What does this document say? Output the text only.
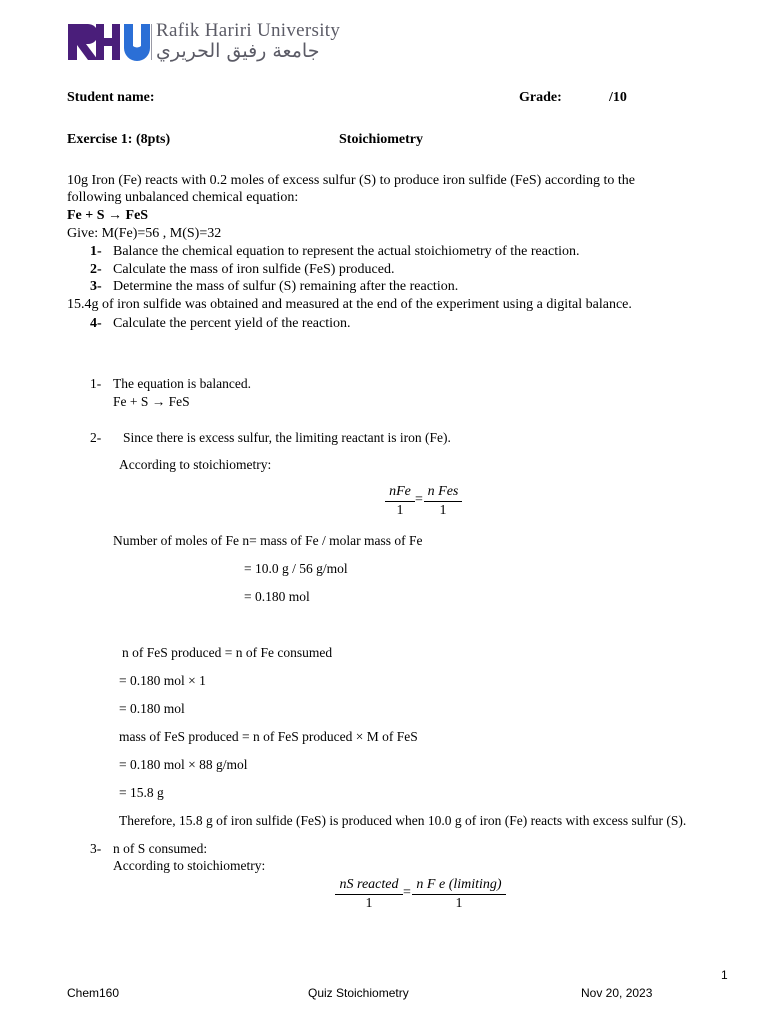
Rafik Hariri University
جامعة رفيق الحريري
Student name:	Grade:	/10
Exercise 1: (8pts)	Stoichiometry
10g Iron (Fe) reacts with 0.2 moles of excess sulfur (S) to produce iron sulfide (FeS) according to the
following unbalanced chemical equation:
Fe + S → FeS
Give: M(Fe)=56 , M(S)=32
1- Balance the chemical equation to represent the actual stoichiometry of the reaction.
2- Calculate the mass of iron sulfide (FeS) produced.
3- Determine the mass of sulfur (S) remaining after the reaction.
15.4g of iron sulfide was obtained and measured at the end of the experiment using a digital balance.
4- Calculate the percent yield of the reaction.
1- The equation is balanced.
Fe + S → FeS
2- Since there is excess sulfur, the limiting reactant is iron (Fe).
According to stoichiometry:
nFe
1
=
n Fes
1
Number of moles of Fe n= mass of Fe / molar mass of Fe
= 10.0 g / 56 g/mol
= 0.180 mol
n of FeS produced = n of Fe consumed
= 0.180 mol × 1
= 0.180 mol
mass of FeS produced = n of FeS produced × M of FeS
= 0.180 mol × 88 g/mol
= 15.8 g
Therefore, 15.8 g of iron sulfide (FeS) is produced when 10.0 g of iron (Fe) reacts with excess sulfur (S).
3- n of S consumed:
According to stoichiometry:
nS reacted
1
=
n F e (limiting)
1
1
Chem160	Quiz Stoichiometry	Nov 20, 2023
